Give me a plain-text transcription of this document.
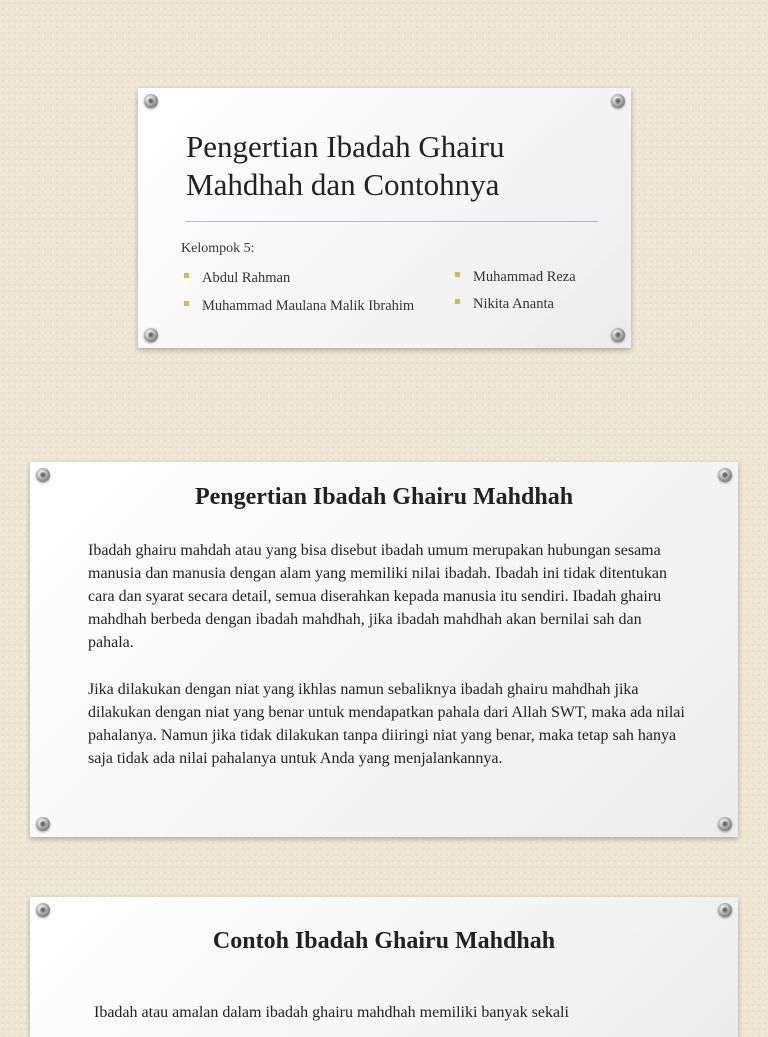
Pengertian Ibadah Ghairu
Mahdhah dan Contohnya

Kelompok 5:

Abdul Rahman
Muhammad Maulana Malik Ibrahim
Muhammad Reza
Nikita Ananta
Pengertian Ibadah Ghairu Mahdhah

Ibadah ghairu mahdah atau yang bisa disebut ibadah umum merupakan hubungan sesama manusia dan manusia dengan alam yang memiliki nilai ibadah. Ibadah ini tidak ditentukan cara dan syarat secara detail, semua diserahkan kepada manusia itu sendiri. Ibadah ghairu mahdhah berbeda dengan ibadah mahdhah, jika ibadah mahdhah akan bernilai sah dan pahala.

Jika dilakukan dengan niat yang ikhlas namun sebaliknya ibadah ghairu mahdhah jika dilakukan dengan niat yang benar untuk mendapatkan pahala dari Allah SWT, maka ada nilai pahalanya. Namun jika tidak dilakukan tanpa diiringi niat yang benar, maka tetap sah hanya saja tidak ada nilai pahalanya untuk Anda yang menjalankannya.

Contoh Ibadah Ghairu Mahdhah

Ibadah atau amalan dalam ibadah ghairu mahdhah memiliki banyak sekali
